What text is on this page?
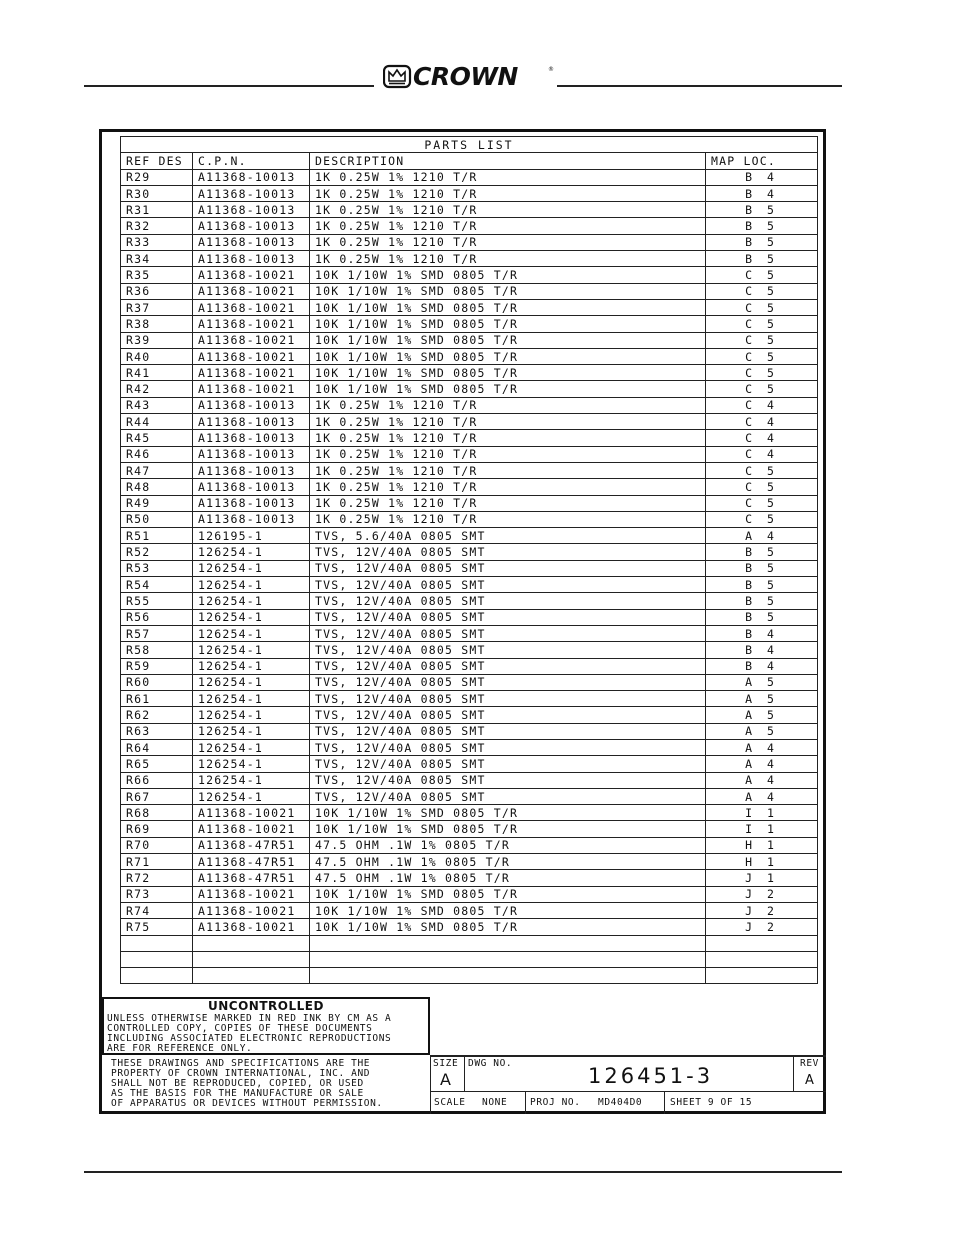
CROWN	®
PARTS LIST			
REF DES	C.P.N.	DESCRIPTION	MAP LOC.
R29	A11368-10013	1K 0.25W 1% 1210 T/R	B 4
R30	A11368-10013	1K 0.25W 1% 1210 T/R	B 4
R31	A11368-10013	1K 0.25W 1% 1210 T/R	B 5
R32	A11368-10013	1K 0.25W 1% 1210 T/R	B 5
R33	A11368-10013	1K 0.25W 1% 1210 T/R	B 5
R34	A11368-10013	1K 0.25W 1% 1210 T/R	B 5
R35	A11368-10021	10K 1/10W 1% SMD 0805 T/R	C 5
R36	A11368-10021	10K 1/10W 1% SMD 0805 T/R	C 5
R37	A11368-10021	10K 1/10W 1% SMD 0805 T/R	C 5
R38	A11368-10021	10K 1/10W 1% SMD 0805 T/R	C 5
R39	A11368-10021	10K 1/10W 1% SMD 0805 T/R	C 5
R40	A11368-10021	10K 1/10W 1% SMD 0805 T/R	C 5
R41	A11368-10021	10K 1/10W 1% SMD 0805 T/R	C 5
R42	A11368-10021	10K 1/10W 1% SMD 0805 T/R	C 5
R43	A11368-10013	1K 0.25W 1% 1210 T/R	C 4
R44	A11368-10013	1K 0.25W 1% 1210 T/R	C 4
R45	A11368-10013	1K 0.25W 1% 1210 T/R	C 4
R46	A11368-10013	1K 0.25W 1% 1210 T/R	C 4
R47	A11368-10013	1K 0.25W 1% 1210 T/R	C 5
R48	A11368-10013	1K 0.25W 1% 1210 T/R	C 5
R49	A11368-10013	1K 0.25W 1% 1210 T/R	C 5
R50	A11368-10013	1K 0.25W 1% 1210 T/R	C 5
R51	126195-1	TVS, 5.6/40A 0805 SMT	A 4
R52	126254-1	TVS, 12V/40A 0805 SMT	B 5
R53	126254-1	TVS, 12V/40A 0805 SMT	B 5
R54	126254-1	TVS, 12V/40A 0805 SMT	B 5
R55	126254-1	TVS, 12V/40A 0805 SMT	B 5
R56	126254-1	TVS, 12V/40A 0805 SMT	B 5
R57	126254-1	TVS, 12V/40A 0805 SMT	B 4
R58	126254-1	TVS, 12V/40A 0805 SMT	B 4
R59	126254-1	TVS, 12V/40A 0805 SMT	B 4
R60	126254-1	TVS, 12V/40A 0805 SMT	A 5
R61	126254-1	TVS, 12V/40A 0805 SMT	A 5
R62	126254-1	TVS, 12V/40A 0805 SMT	A 5
R63	126254-1	TVS, 12V/40A 0805 SMT	A 5
R64	126254-1	TVS, 12V/40A 0805 SMT	A 4
R65	126254-1	TVS, 12V/40A 0805 SMT	A 4
R66	126254-1	TVS, 12V/40A 0805 SMT	A 4
R67	126254-1	TVS, 12V/40A 0805 SMT	A 4
R68	A11368-10021	10K 1/10W 1% SMD 0805 T/R	I 1
R69	A11368-10021	10K 1/10W 1% SMD 0805 T/R	I 1
R70	A11368-47R51	47.5 OHM .1W 1% 0805 T/R	H 1
R71	A11368-47R51	47.5 OHM .1W 1% 0805 T/R	H 1
R72	A11368-47R51	47.5 OHM .1W 1% 0805 T/R	J 1
R73	A11368-10021	10K 1/10W 1% SMD 0805 T/R	J 2
R74	A11368-10021	10K 1/10W 1% SMD 0805 T/R	J 2
R75	A11368-10021	10K 1/10W 1% SMD 0805 T/R	J 2

UNCONTROLLED
UNLESS OTHERWISE MARKED IN RED INK BY CM AS A
CONTROLLED COPY, COPIES OF THESE DOCUMENTS
INCLUDING ASSOCIATED ELECTRONIC REPRODUCTIONS
ARE FOR REFERENCE ONLY.
THESE DRAWINGS AND SPECIFICATIONS ARE THE
PROPERTY OF CROWN INTERNATIONAL, INC. AND
SHALL NOT BE REPRODUCED, COPIED, OR USED
AS THE BASIS FOR THE MANUFACTURE OR SALE
OF APPARATUS OR DEVICES WITHOUT PERMISSION.
SIZE
A
DWG NO.
126451-3
REV
A
SCALE NONE PROJ NO. MD404D0	SHEET 9 OF 15
